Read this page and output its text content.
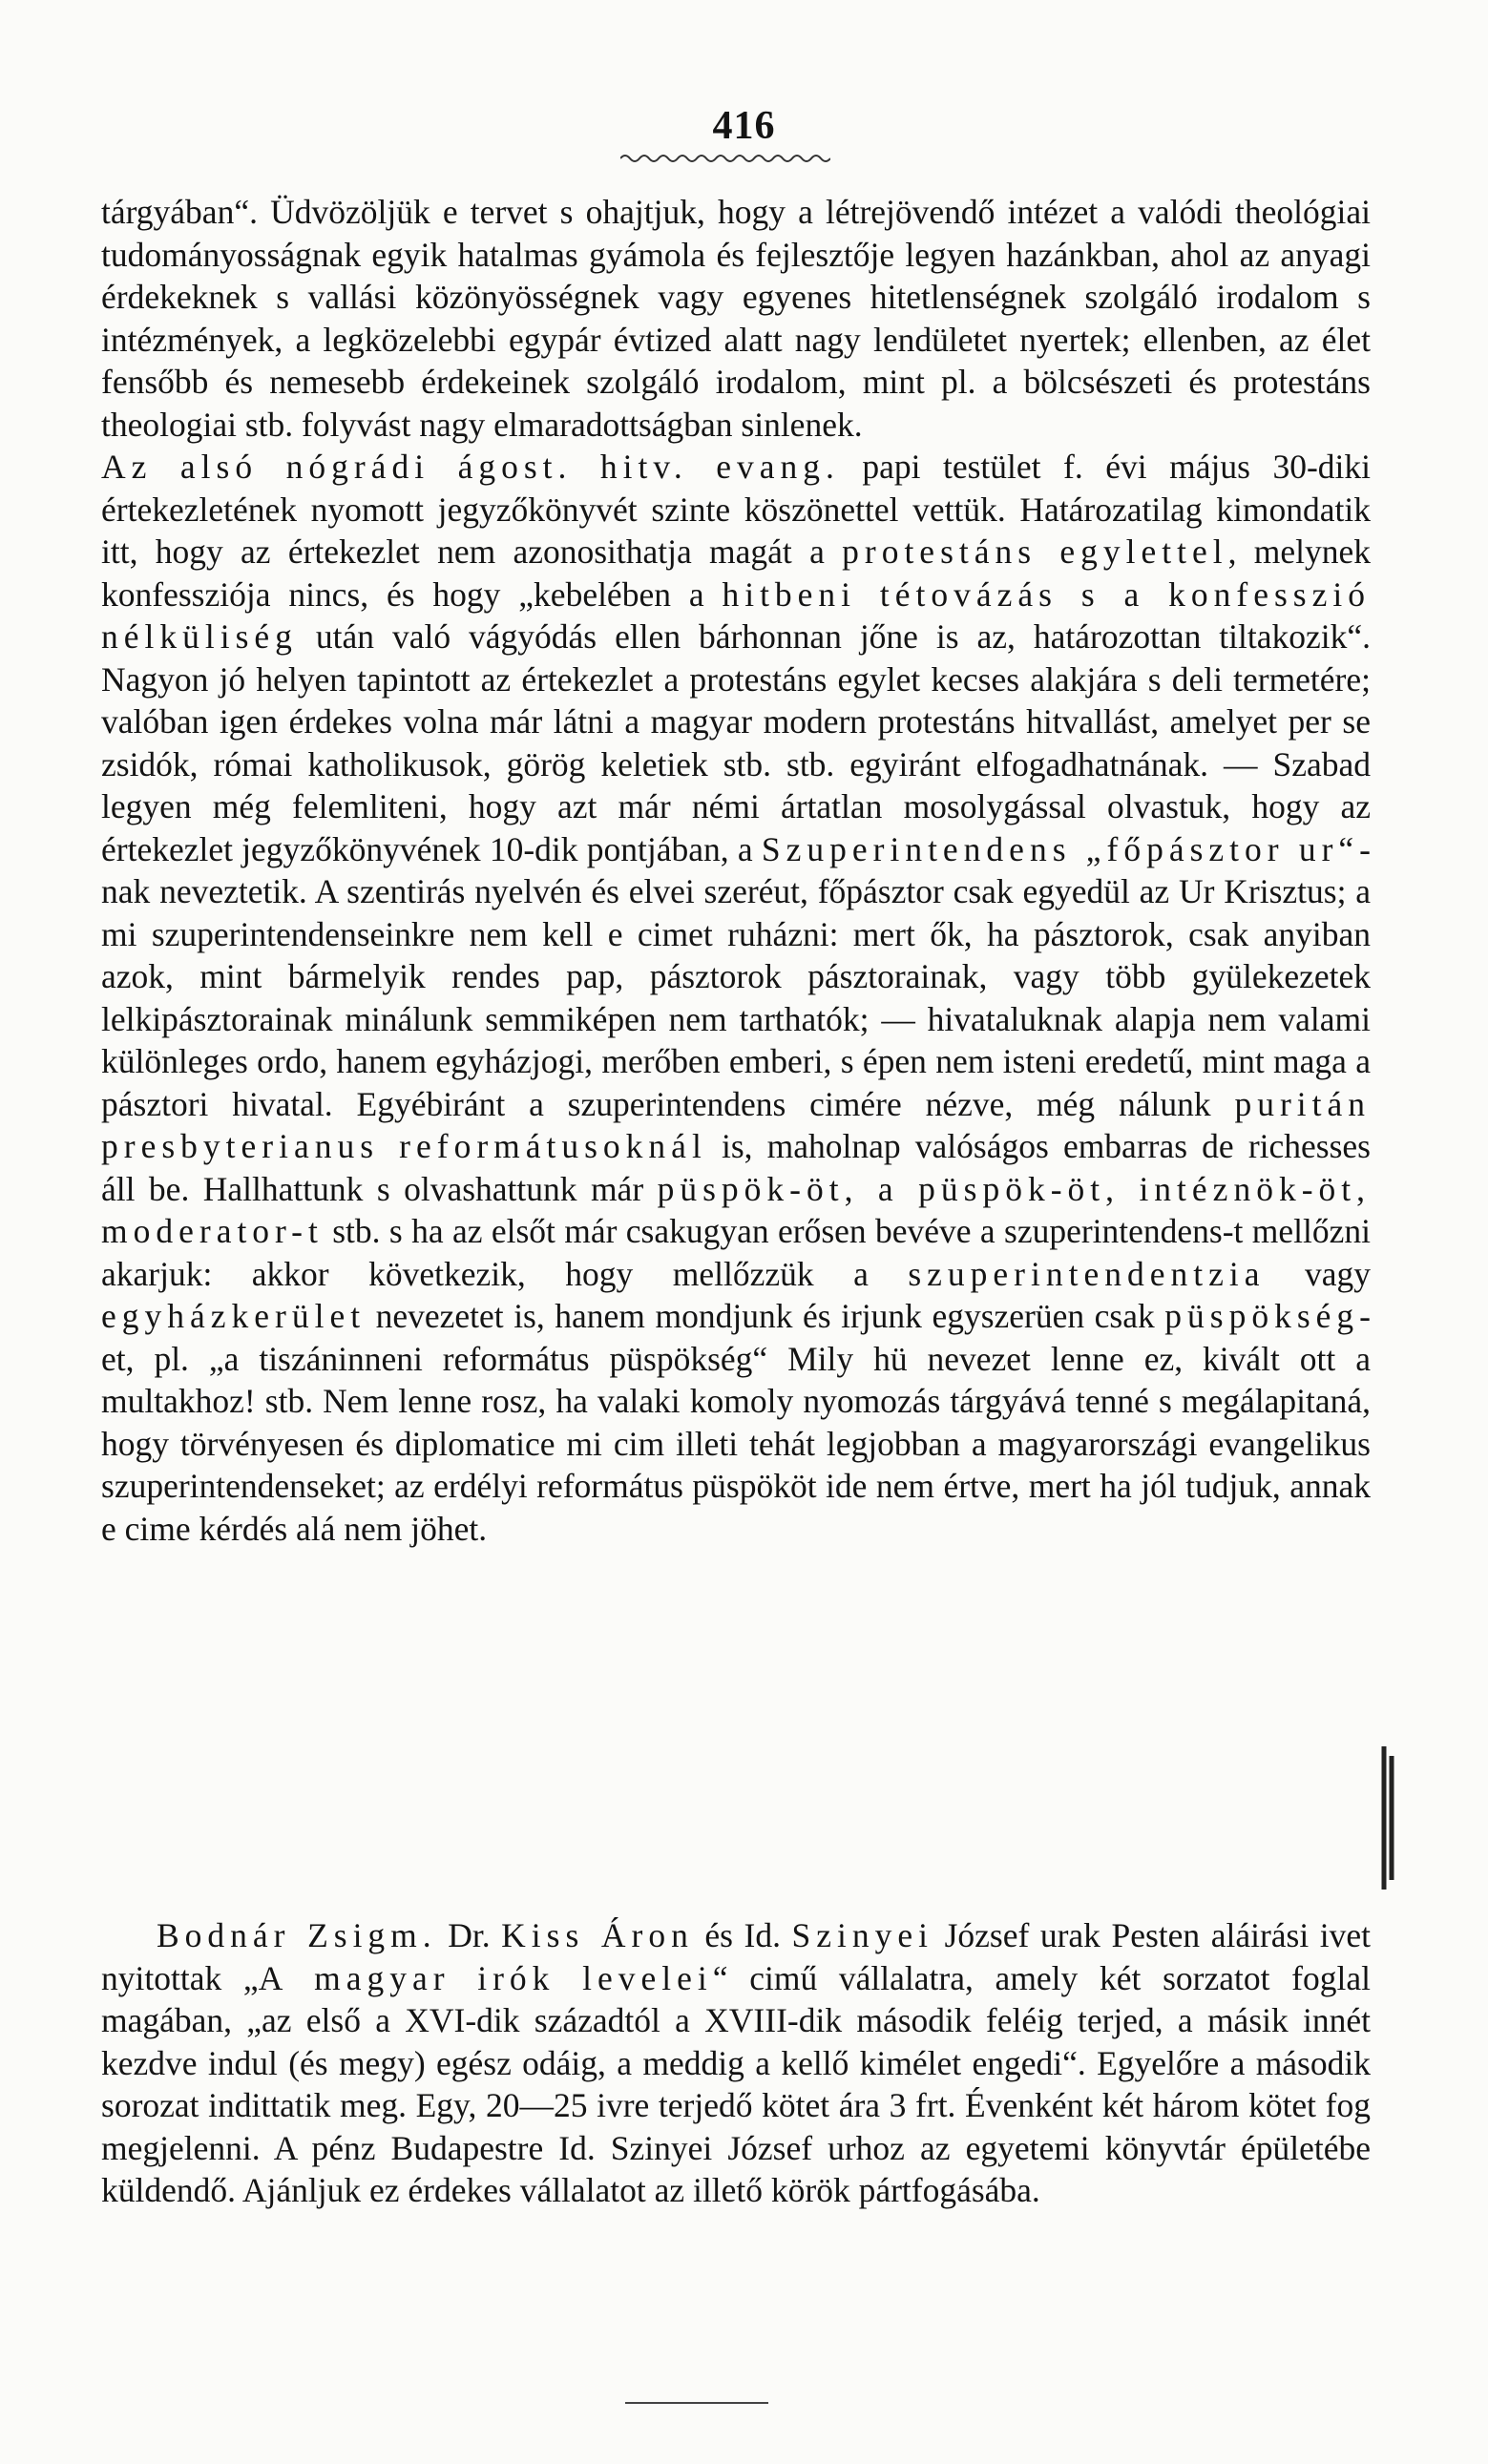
416

tárgyában“. Üdvözöljük e tervet s ohajtjuk, hogy a létrejövendő intézet a valódi theológiai tudományosságnak egyik hatalmas gyámola és fejlesztője legyen hazánkban, ahol az anyagi érdekeknek s vallási közönyösségnek vagy egyenes hitetlenségnek szolgáló irodalom s intézmények, a legközelebbi egypár évtized alatt nagy lendületet nyertek; ellenben, az élet fensőbb és nemesebb érdekeinek szolgáló irodalom, mint pl. a bölcsészeti és protestáns theologiai stb. folyvást nagy elmaradottságban sinlenek.

Az alsó nógrádi ágost. hitv. evang. papi testület f. évi május 30-diki értekezletének nyomott jegyzőkönyvét szinte köszönettel vettük. Határozatilag kimondatik itt, hogy az értekezlet nem azonosithatja magát a protestáns egylettel, melynek konfessziója nincs, és hogy „kebelében a hitbeni tétovázás s a konfesszió nélküliség után való vágyódás ellen bárhonnan jőne is az, határozottan tiltakozik“. Nagyon jó helyen tapintott az értekezlet a protestáns egylet kecses alakjára s deli termetére; valóban igen érdekes volna már látni a magyar modern protestáns hitvallást, amelyet per se zsidók, római katholikusok, görög keletiek stb. stb. egyiránt elfogadhatnának. — Szabad legyen még felemliteni, hogy azt már némi ártatlan mosolygással olvastuk, hogy az értekezlet jegyzőkönyvének 10-dik pontjában, a Szuperintendens „főpásztor ur“-nak neveztetik. A szentirás nyelvén és elvei szeréut, főpásztor csak egyedül az Ur Krisztus; a mi szuperintendenseinkre nem kell e cimet ruházni: mert ők, ha pásztorok, csak anyiban azok, mint bármelyik rendes pap, pásztorok pásztorainak, vagy több gyülekezetek lelkipásztorainak minálunk semmiképen nem tarthatók; — hivataluknak alapja nem valami különleges ordo, hanem egyházjogi, merőben emberi, s épen nem isteni eredetű, mint maga a pásztori hivatal. Egyébiránt a szuperintendens cimére nézve, még nálunk puritán presbyterianus reformátusoknál is, maholnap valóságos embarras de richesses áll be. Hallhattunk s olvashattunk már püspök-öt, a püspök-öt, intéznök-öt, moderator-t stb. s ha az elsőt már csakugyan erősen bevéve a szuperintendens-t mellőzni akarjuk: akkor következik, hogy mellőzzük a szuperintendentzia vagy egyházkerület nevezetet is, hanem mondjunk és irjunk egyszerüen csak püspökség-et, pl. „a tiszáninneni református püspökség“ Mily hü nevezet lenne ez, kivált ott a multakhoz! stb. Nem lenne rosz, ha valaki komoly nyomozás tárgyává tenné s megálapitaná, hogy törvényesen és diplomatice mi cim illeti tehát legjobban a magyarországi evangelikus szuperintendenseket; az erdélyi református püspököt ide nem értve, mert ha jól tudjuk, annak e cime kérdés alá nem jöhet.

Bodnár Zsigm. Dr. Kiss Áron és Id. Szinyei József urak Pesten aláirási ivet nyitottak „A magyar irók levelei“ cimű vállalatra, amely két sorzatot foglal magában, „az első a XVI-dik századtól a XVIII-dik második feléig terjed, a másik innét kezdve indul (és megy) egész odáig, a meddig a kellő kimélet engedi“. Egyelőre a második sorozat indittatik meg. Egy, 20—25 ivre terjedő kötet ára 3 frt. Évenként két három kötet fog megjelenni. A pénz Budapestre Id. Szinyei József urhoz az egyetemi könyvtár épületébe küldendő. Ajánljuk ez érdekes vállalatot az illető körök pártfogásába.
